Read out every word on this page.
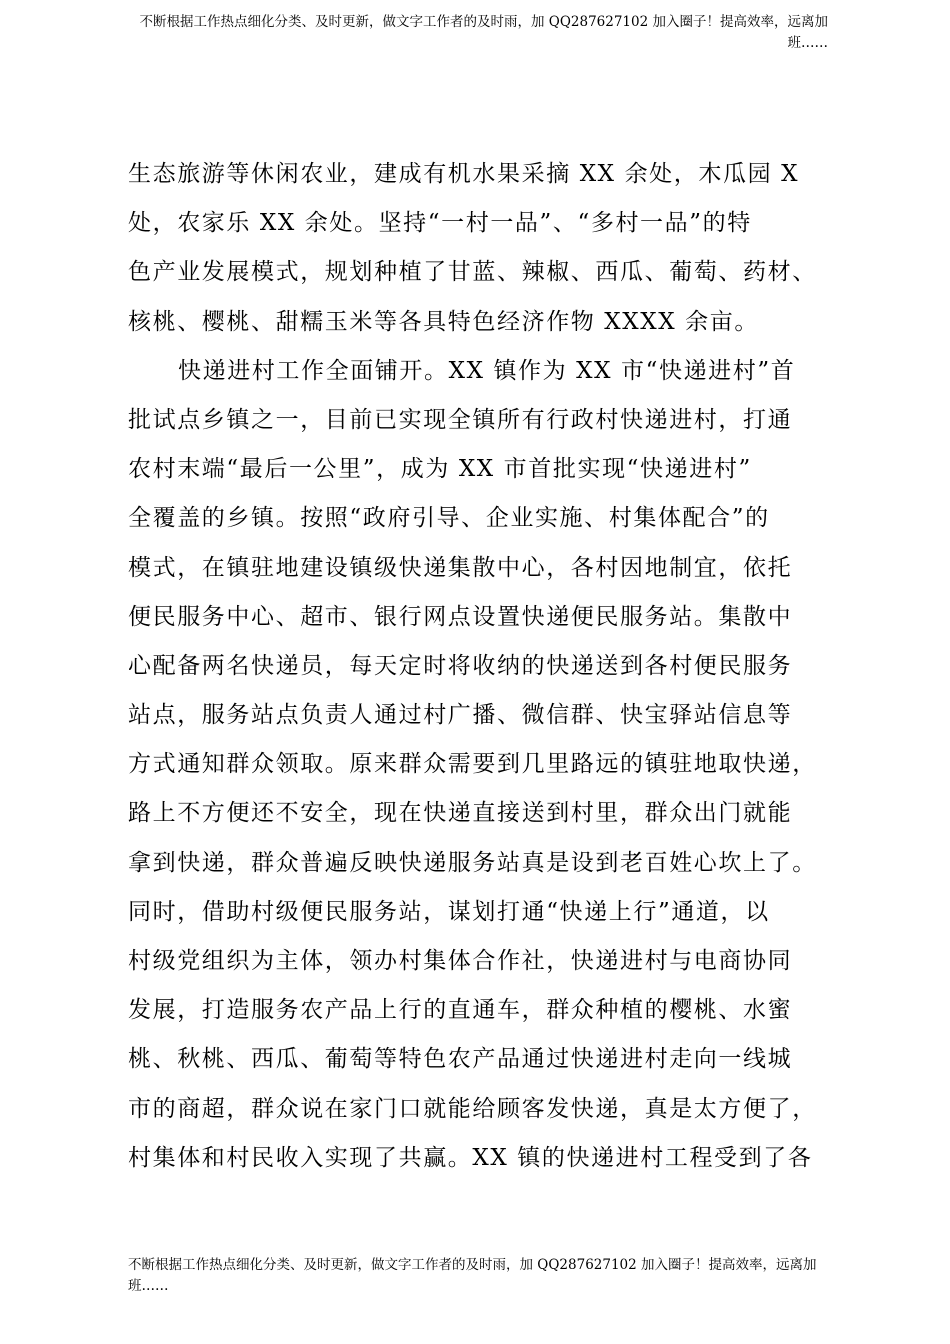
不断根据工作热点细化分类、及时更新，做文字工作者的及时雨，加 QQ287627102 加入圈子！提高效率，远离加班……
生态旅游等休闲农业，建成有机水果采摘 XX 余处，木瓜园 X
处，农家乐 XX 余处。坚持“一村一品”、“多村一品”的特
色产业发展模式，规划种植了甘蓝、辣椒、西瓜、葡萄、药材、
核桃、樱桃、甜糯玉米等各具特色经济作物 XXXX 余亩。
快递进村工作全面铺开。XX 镇作为 XX 市“快递进村”首
批试点乡镇之一，目前已实现全镇所有行政村快递进村，打通
农村末端“最后一公里”，成为 XX 市首批实现“快递进村”
全覆盖的乡镇。按照“政府引导、企业实施、村集体配合”的
模式，在镇驻地建设镇级快递集散中心，各村因地制宜，依托
便民服务中心、超市、银行网点设置快递便民服务站。集散中
心配备两名快递员，每天定时将收纳的快递送到各村便民服务
站点，服务站点负责人通过村广播、微信群、快宝驿站信息等
方式通知群众领取。原来群众需要到几里路远的镇驻地取快递，
路上不方便还不安全，现在快递直接送到村里，群众出门就能
拿到快递，群众普遍反映快递服务站真是设到老百姓心坎上了。
同时，借助村级便民服务站，谋划打通“快递上行”通道，以
村级党组织为主体，领办村集体合作社，快递进村与电商协同
发展，打造服务农产品上行的直通车，群众种植的樱桃、水蜜
桃、秋桃、西瓜、葡萄等特色农产品通过快递进村走向一线城
市的商超，群众说在家门口就能给顾客发快递，真是太方便了，
村集体和村民收入实现了共赢。XX 镇的快递进村工程受到了各
不断根据工作热点细化分类、及时更新，做文字工作者的及时雨，加 QQ287627102 加入圈子！提高效率，远离加班……
